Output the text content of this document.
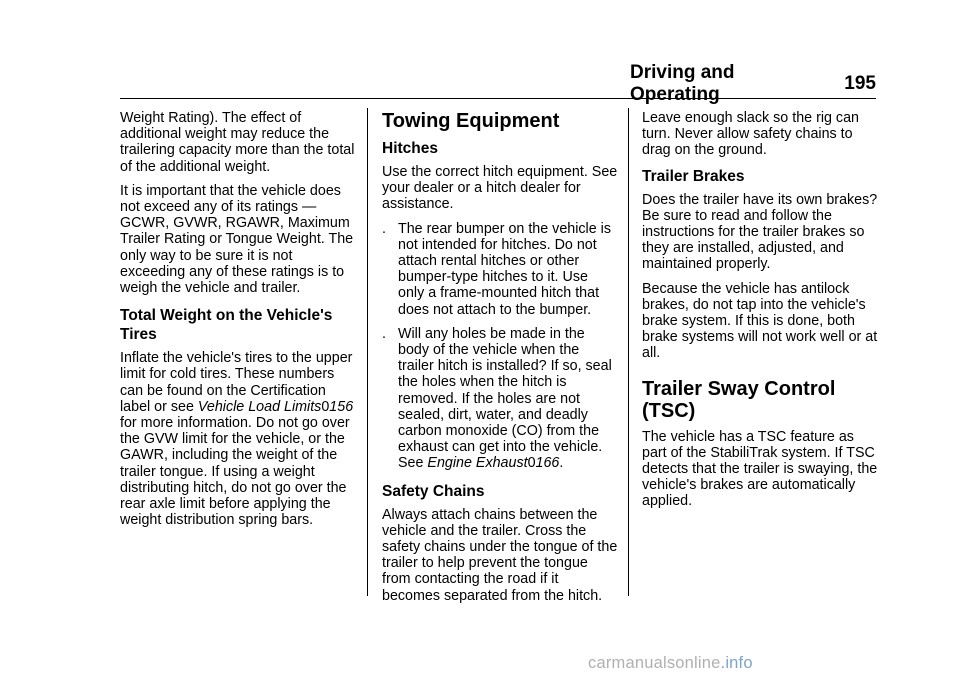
Driving and Operating
195

Weight Rating). The effect of additional weight may reduce the trailering capacity more than the total of the additional weight.

It is important that the vehicle does not exceed any of its ratings — GCWR, GVWR, RGAWR, Maximum Trailer Rating or Tongue Weight. The only way to be sure it is not exceeding any of these ratings is to weigh the vehicle and trailer.

Total Weight on the Vehicle's Tires

Inflate the vehicle's tires to the upper limit for cold tires. These numbers can be found on the Certification label or see Vehicle Load Limits0156 for more information. Do not go over the GVW limit for the vehicle, or the GAWR, including the weight of the trailer tongue. If using a weight distributing hitch, do not go over the rear axle limit before applying the weight distribution spring bars.

Towing Equipment
Hitches

Use the correct hitch equipment. See your dealer or a hitch dealer for assistance.

. The rear bumper on the vehicle is not intended for hitches. Do not attach rental hitches or other bumper-type hitches to it. Use only a frame-mounted hitch that does not attach to the bumper.
. Will any holes be made in the body of the vehicle when the trailer hitch is installed? If so, seal the holes when the hitch is removed. If the holes are not sealed, dirt, water, and deadly carbon monoxide (CO) from the exhaust can get into the vehicle. See Engine Exhaust0166.
Safety Chains

Always attach chains between the vehicle and the trailer. Cross the safety chains under the tongue of the trailer to help prevent the tongue from contacting the road if it becomes separated from the hitch.

Leave enough slack so the rig can turn. Never allow safety chains to drag on the ground.

Trailer Brakes

Does the trailer have its own brakes? Be sure to read and follow the instructions for the trailer brakes so they are installed, adjusted, and maintained properly.

Because the vehicle has antilock brakes, do not tap into the vehicle's brake system. If this is done, both brake systems will not work well or at all.

Trailer Sway Control (TSC)

The vehicle has a TSC feature as part of the StabiliTrak system. If TSC detects that the trailer is swaying, the vehicle's brakes are automatically applied.

carmanualsonline.info
